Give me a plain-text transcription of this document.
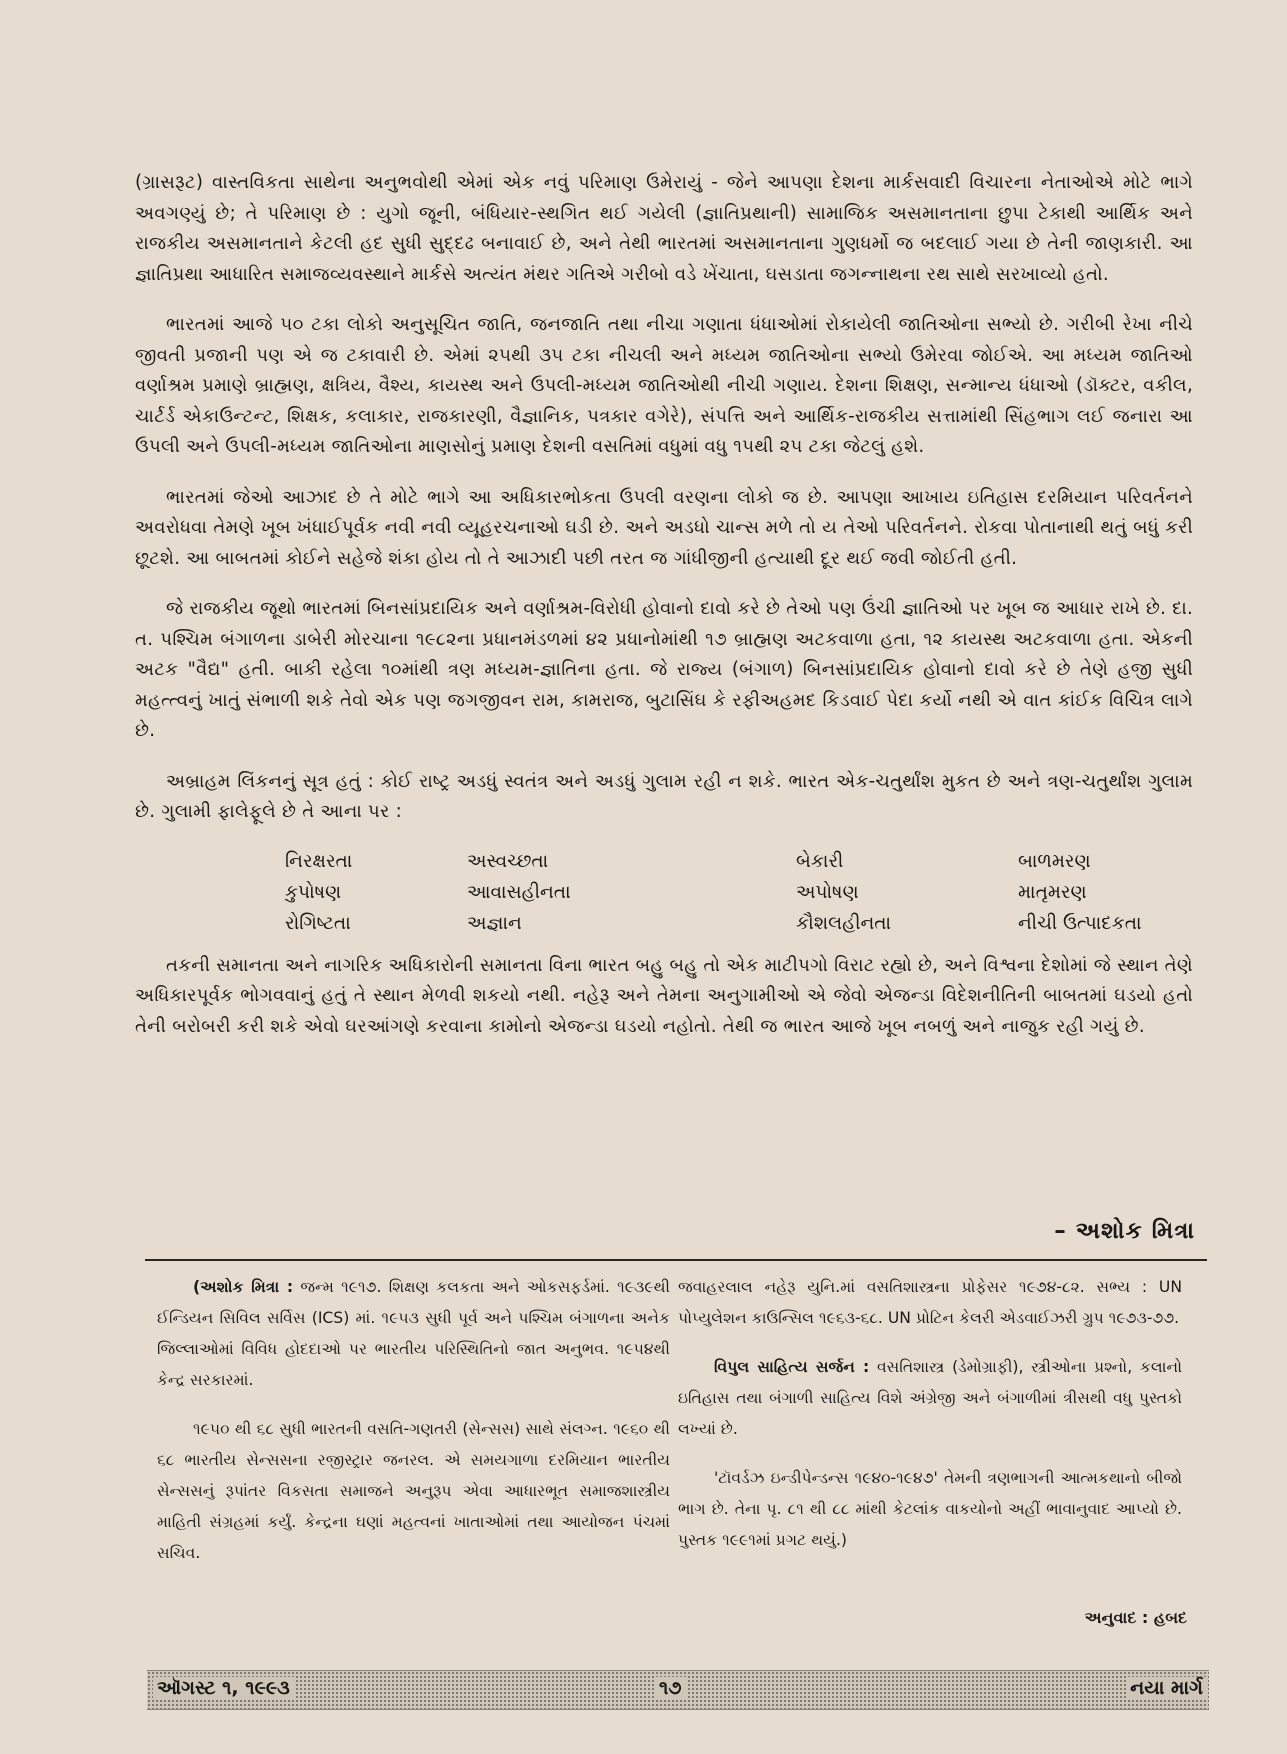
(ગ્રાસરૂટ) વાસ્તવિકતા સાથેના અનુભવોથી એમાં એક નવું પરિમાણ ઉમેરાયું - જેને આપણા દેશના માર્કસવાદી વિચારના નેતાઓએ મોટે ભાગે અવગણ્યું છે; તે પરિમાણ છે : યુગો જૂની, બંધિયાર-સ્થગિત થઈ ગયેલી (જ્ઞાતિપ્રથાની) સામાજિક અસમાનતાના છુપા ટેકાથી આર્થિક અને રાજકીય અસમાનતાને કેટલી હદ સુધી સુદ્દઢ બનાવાઈ છે, અને તેથી ભારતમાં અસમાનતાના ગુણધર્મો જ બદલાઈ ગયા છે તેની જાણકારી. આ જ્ઞાતિપ્રથા આધારિત સમાજવ્યવસ્થાને માર્કસે અત્યંત મંથર ગતિએ ગરીબો વડે ખેંચાતા, ઘસડાતા જગન્નાથના રથ સાથે સરખાવ્યો હતો.

ભારતમાં આજે ૫૦ ટકા લોકો અનુસૂચિત જાતિ, જનજાતિ તથા નીચા ગણાતા ધંધાઓમાં રોકાયેલી જાતિઓના સભ્યો છે. ગરીબી રેખા નીચે જીવતી પ્રજાની પણ એ જ ટકાવારી છે. એમાં ૨૫થી ૩૫ ટકા નીચલી અને મધ્યમ જાતિઓના સભ્યો ઉમેરવા જોઈએ. આ મધ્યમ જાતિઓ વર્ણાશ્રમ પ્રમાણે બ્રાહ્મણ, ક્ષત્રિય, વૈશ્ય, કાયસ્થ અને ઉપલી-મધ્યમ જાતિઓથી નીચી ગણાય. દેશના શિક્ષણ, સન્માન્ય ધંધાઓ (ડૉક્ટર, વકીલ, ચાર્ટર્ડ એકાઉન્ટન્ટ, શિક્ષક, કલાકાર, રાજકારણી, વૈજ્ઞાનિક, પત્રકાર વગેરે), સંપત્તિ અને આર્થિક-રાજકીય સત્તામાંથી સિંહભાગ લઈ જનારા આ ઉપલી અને ઉપલી-મધ્યમ જાતિઓના માણસોનું પ્રમાણ દેશની વસતિમાં વધુમાં વધુ ૧૫થી ૨૫ ટકા જેટલું હશે.

ભારતમાં જેઓ આઝાદ છે તે મોટે ભાગે આ અધિકારભોકતા ઉપલી વરણના લોકો જ છે. આપણા આખાય ઇતિહાસ દરમિયાન પરિવર્તનને અવરોધવા તેમણે ખૂબ ખંધાઈપૂર્વક નવી નવી વ્યૂહરચનાઓ ઘડી છે. અને અડધો ચાન્સ મળે તો ય તેઓ પરિવર્તનને. રોકવા પોતાનાથી થતું બધું કરી છૂટશે. આ બાબતમાં કોઈને સહેજે શંકા હોય તો તે આઝાદી પછી તરત જ ગાંધીજીની હત્યાથી દૂર થઈ જવી જોઈતી હતી.

જે રાજકીય જૂથો ભારતમાં બિનસાંપ્રદાયિક અને વર્ણાશ્રમ-વિરોધી હોવાનો દાવો કરે છે તેઓ પણ ઉંચી જ્ઞાતિઓ પર ખૂબ જ આધાર રાખે છે. દા. ત. પશ્ચિમ બંગાળના ડાબેરી મોરચાના ૧૯૮૨ના પ્રધાનમંડળમાં ૪૨ પ્રધાનોમાંથી ૧૭ બ્રાહ્મણ અટકવાળા હતા, ૧૨ કાયસ્થ અટકવાળા હતા. એકની અટક "વૈદ્ય" હતી. બાકી રહેલા ૧૦માંથી ત્રણ મધ્યમ-જ્ઞાતિના હતા. જે રાજ્ય (બંગાળ) બિનસાંપ્રદાયિક હોવાનો દાવો કરે છે તેણે હજી સુધી મહત્ત્વનું ખાતું સંભાળી શકે તેવો એક પણ જગજીવન રામ, કામરાજ, બુટાસિંઘ કે રફીઅહમદ કિડવાઈ પેદા કર્યો નથી એ વાત કાંઈક વિચિત્ર લાગે છે.

અબ્રાહમ લિંકનનું સૂત્ર હતું : કોઈ રાષ્ટ્ર અડધું સ્વતંત્ર અને અડધું ગુલામ રહી ન શકે. ભારત એક-ચતુર્થાંશ મુકત છે અને ત્રણ-ચતુર્થાંશ ગુલામ છે. ગુલામી ફાલેફૂલે છે તે આના પર :

નિરક્ષરતા	અસ્વચ્છતા	બેકારી	બાળમરણ
કુપોષણ	આવાસહીનતા	અપોષણ	માતૃમરણ
રોગિષ્ટતા	અજ્ઞાન	કૌશલહીનતા	નીચી ઉત્પાદકતા

તકની સમાનતા અને નાગરિક અધિકારોની સમાનતા વિના ભારત બહુ બહુ તો એક માટીપગો વિરાટ રહ્યો છે, અને વિશ્વના દેશોમાં જે સ્થાન તેણે અધિકારપૂર્વક ભોગવવાનું હતું તે સ્થાન મેળવી શકયો નથી. નહેરૂ અને તેમના અનુગામીઓ એ જેવો એજન્ડા વિદેશનીતિની બાબતમાં ઘડયો હતો તેની બરોબરી કરી શકે એવો ઘરઆંગણે કરવાના કામોનો એજન્ડા ઘડયો નહોતો. તેથી જ ભારત આજે ખૂબ નબળું અને નાજુક રહી ગયું છે.

– અશોક મિત્રા

(અશોક મિત્રા : જન્મ ૧૯૧૭. શિક્ષણ કલકતા અને ઓકસફર્ડમાં. ૧૯૩૯થી ઈન્ડિયન સિવિલ સર્વિસ (ICS) માં. ૧૯૫૩ સુધી પૂર્વ અને પશ્ચિમ બંગાળના અનેક જિલ્લાઓમાં વિવિધ હોદદાઓ પર ભારતીય પરિસ્થિતિનો જાત અનુભવ. ૧૯૫૪થી કેન્દ્ર સરકારમાં.

૧૯૫૦ થી ૬૮ સુધી ભારતની વસતિ-ગણતરી (સેન્સસ) સાથે સંલગ્ન. ૧૯૬૦ થી ૬૮ ભારતીય સેન્સસના રજીસ્ટ્રાર જનરલ. એ સમયગાળા દરમિયાન ભારતીય સેન્સસનું રૂપાંતર વિકસતા સમાજને અનુરૂપ એવા આધારભૂત સમાજશાસ્ત્રીય માહિતી સંગ્રહમાં કર્યું. કેન્દ્રના ઘણાં મહત્વનાં ખાતાઓમાં તથા આયોજન પંચમાં સચિવ.

જવાહરલાલ નહેરૂ યુનિ.માં વસતિશાસ્ત્રના પ્રોફેસર ૧૯૭૪-૮૨. સભ્ય : UN પોપ્યુલેશન કાઉન્સિલ ૧૯૬૩-૬૮. UN પ્રોટિન કેલરી એડવાઈઝરી ગ્રુપ ૧૯૭૩-૭૭.

વિપુલ સાહિત્ય સર્જન : વસતિશાસ્ત્ર (ડેમોગ્રાફી), સ્ત્રીઓના પ્રશ્નો, કલાનો ઇતિહાસ તથા બંગાળી સાહિત્ય વિશે અંગ્રેજી અને બંગાળીમાં ત્રીસથી વધુ પુસ્તકો લખ્યાં છે.

'ટૉવર્ડઝ ઇન્ડીપેન્ડન્સ ૧૯૪૦-૧૯૪૭' તેમની ત્રણભાગની આત્મકથાનો બીજો ભાગ છે. તેના પૃ. ૮૧ થી ૮૮ માંથી કેટલાંક વાકયોનો અહીં ભાવાનુવાદ આપ્યો છે. પુસ્તક ૧૯૯૧માં પ્રગટ થયું.)

અનુવાદ : હબદ
ઑગસ્ટ ૧, ૧૯૯૩	૧૭	નયા માર્ગ
